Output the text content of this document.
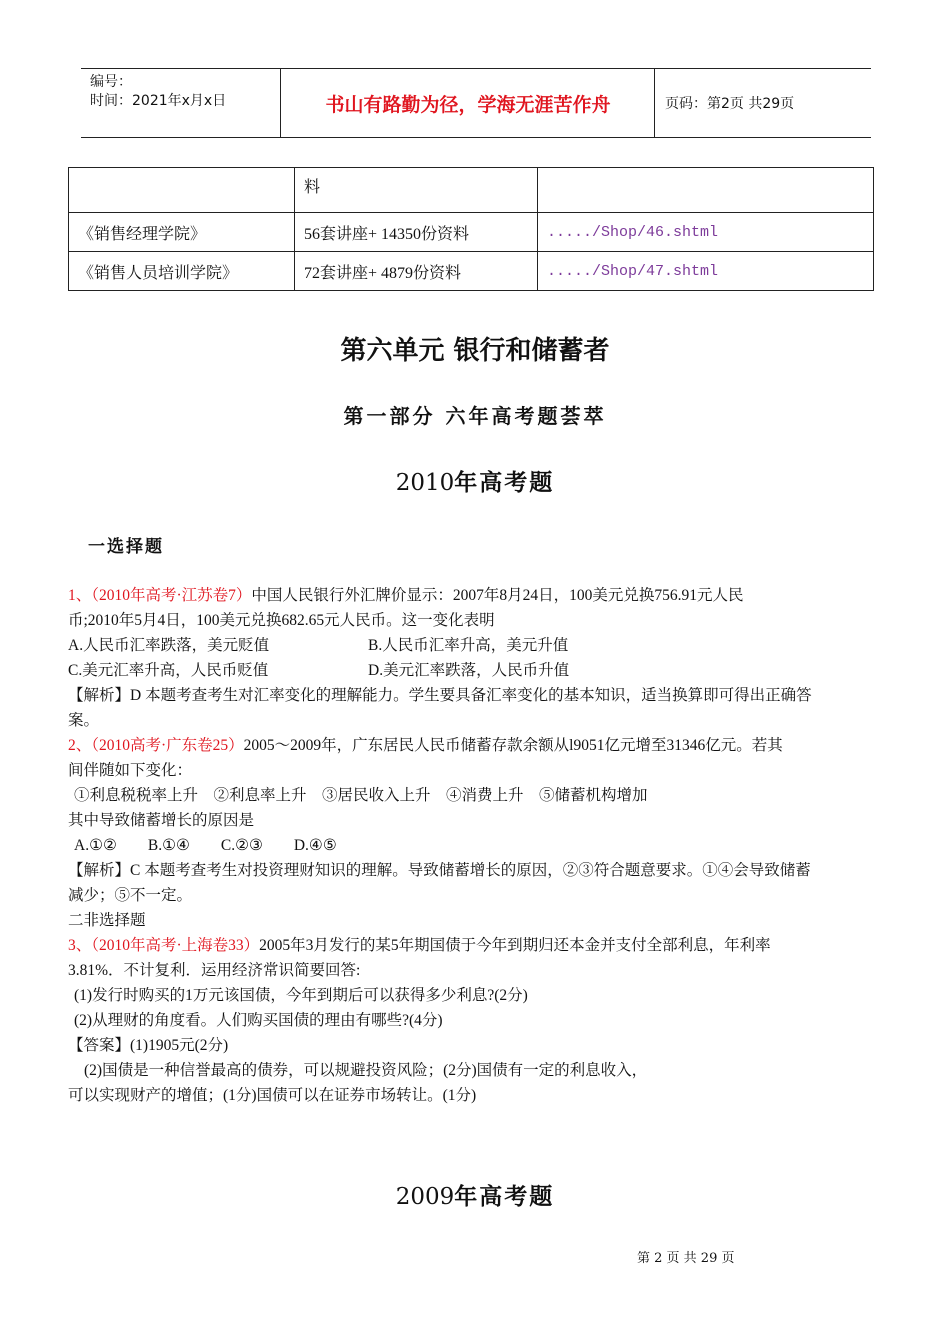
编号：
时间：2021年x月x日	书山有路勤为径，学海无涯苦作舟	页码：第2页 共29页
	料	
《销售经理学院》	56套讲座+ 14350份资料	...../Shop/46.shtml
《销售人员培训学院》	72套讲座+ 4879份资料	...../Shop/47.shtml
第六单元 银行和储蓄者
第一部分 六年高考题荟萃
2010年高考题
一选择题

1、（2010年高考·江苏卷7）中国人民银行外汇牌价显示：2007年8月24日，100美元兑换756.91元人民

币;2010年5月4日，100美元兑换682.65元人民币。这一变化表明

A.人民币汇率跌落，美元贬值	B.人民币汇率升高，美元升值

C.美元汇率升高，人民币贬值	D.美元汇率跌落，人民币升值

【解析】D 本题考查考生对汇率变化的理解能力。学生要具备汇率变化的基本知识，适当换算即可得出正确答

案。

2、（2010高考·广东卷25）2005～2009年，广东居民人民币储蓄存款余额从l9051亿元增至31346亿元。若其

间伴随如下变化：

①利息税税率上升　②利息率上升　③居民收入上升　④消费上升　⑤储蓄机构增加

其中导致储蓄增长的原因是

A.①②　　B.①④　　C.②③　　D.④⑤

【解析】C 本题考查考生对投资理财知识的理解。导致储蓄增长的原因，②③符合题意要求。①④会导致储蓄

减少；⑤不一定。

二非选择题

3、（2010年高考·上海卷33）2005年3月发行的某5年期国债于今年到期归还本金并支付全部利息，年利率

3.81%．不计复利．运用经济常识简要回答:

(1)发行时购买的1万元该国债，今年到期后可以获得多少利息?(2分)

(2)从理财的角度看。人们购买国债的理由有哪些?(4分)

【答案】(1)1905元(2分)

(2)国债是一种信誉最高的债券，可以规避投资风险；(2分)国债有一定的利息收入，

可以实现财产的增值；(1分)国债可以在证券市场转让。(1分)

2009年高考题
第 2 页 共 29 页
